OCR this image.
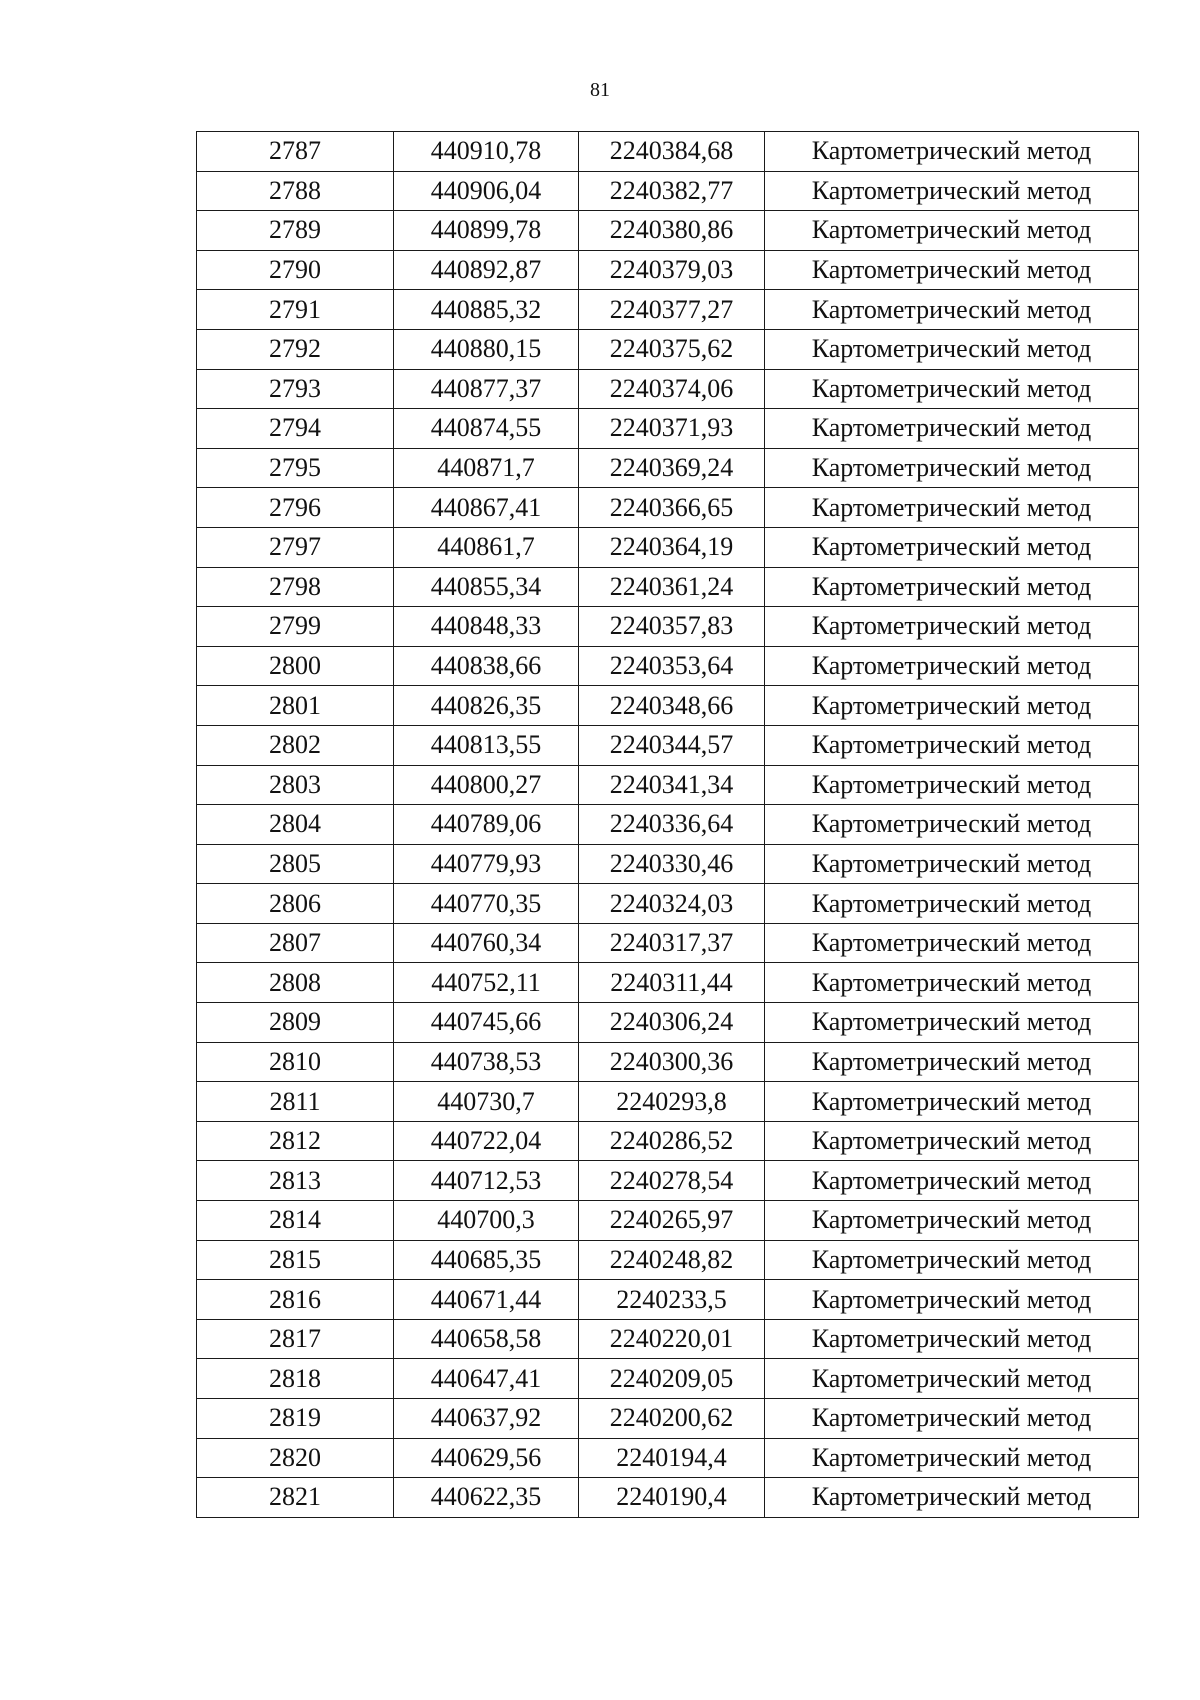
81
2787	440910,78	2240384,68	Картометрический метод
2788	440906,04	2240382,77	Картометрический метод
2789	440899,78	2240380,86	Картометрический метод
2790	440892,87	2240379,03	Картометрический метод
2791	440885,32	2240377,27	Картометрический метод
2792	440880,15	2240375,62	Картометрический метод
2793	440877,37	2240374,06	Картометрический метод
2794	440874,55	2240371,93	Картометрический метод
2795	440871,7	2240369,24	Картометрический метод
2796	440867,41	2240366,65	Картометрический метод
2797	440861,7	2240364,19	Картометрический метод
2798	440855,34	2240361,24	Картометрический метод
2799	440848,33	2240357,83	Картометрический метод
2800	440838,66	2240353,64	Картометрический метод
2801	440826,35	2240348,66	Картометрический метод
2802	440813,55	2240344,57	Картометрический метод
2803	440800,27	2240341,34	Картометрический метод
2804	440789,06	2240336,64	Картометрический метод
2805	440779,93	2240330,46	Картометрический метод
2806	440770,35	2240324,03	Картометрический метод
2807	440760,34	2240317,37	Картометрический метод
2808	440752,11	2240311,44	Картометрический метод
2809	440745,66	2240306,24	Картометрический метод
2810	440738,53	2240300,36	Картометрический метод
2811	440730,7	2240293,8	Картометрический метод
2812	440722,04	2240286,52	Картометрический метод
2813	440712,53	2240278,54	Картометрический метод
2814	440700,3	2240265,97	Картометрический метод
2815	440685,35	2240248,82	Картометрический метод
2816	440671,44	2240233,5	Картометрический метод
2817	440658,58	2240220,01	Картометрический метод
2818	440647,41	2240209,05	Картометрический метод
2819	440637,92	2240200,62	Картометрический метод
2820	440629,56	2240194,4	Картометрический метод
2821	440622,35	2240190,4	Картометрический метод
